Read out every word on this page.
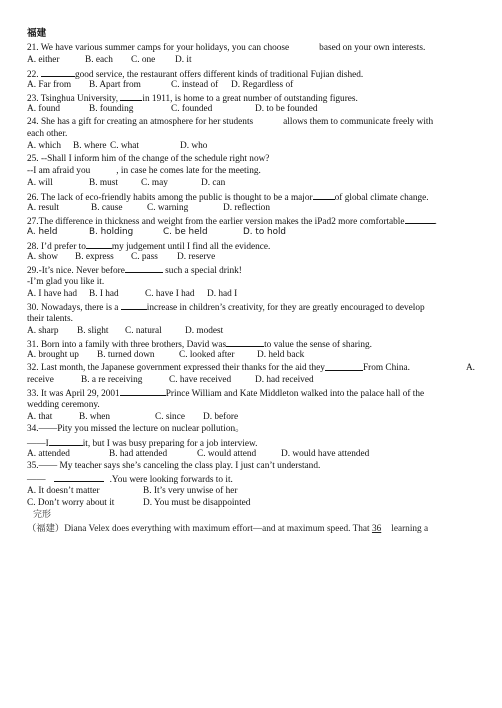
福建
21. We have various summer camps for your holidays, you can choose	based on your own interests.
A. either	B. each	C. one	D. it
22.	good service, the restaurant offers different kinds of traditional Fujian dished.
A. Far from	B. Apart from	C. instead of	D. Regardless of
23. Tsinghua University,	in 1911, is home to a great number of outstanding figures.
A. found	B. founding	C. founded	D. to be founded
24. She has a gift for creating an atmosphere for her students	allows them to communicate freely with
each other.
A. which	B. where C. what	D. who
25. --Shall I inform him of the change of the schedule right now?
--I am afraid you	, in case he comes late for the meeting.
A. will	B. must	C. may	D. can
26. The lack of eco-friendly habits among the public is thought to be a major of global climate change.
A. result	B. cause	C. warning	D. reflection
27.The difference in thickness and weight from the earlier version makes the iPad2 more comfortable	.
A. held	B. holding	C. be held	D. to hold
28. I’d prefer to	my judgement until I find all the evidence.
A. show	B. express	C. pass	D. reserve
29.-It’s nice. Never before	such a special drink!
-I’m glad you like it.
A. I have had	B. I had	C. have I had	D. had I
30. Nowadays, there is a	increase in children’s creativity, for they are greatly encouraged to develop
their talents.
A. sharp	B. slight	C. natural	D. modest
31. Born into a family with three brothers, David was	to value the sense of sharing.
A. brought up	B. turned down	C. looked after	D. held back
32. Last month, the Japanese government expressed their thanks for the aid they	From China.	A.
receive	B. a re receiving	C. have received	D. had received
33. It was April 29, 2001	Prince William and Kate Middleton walked into the palace hall of the
wedding ceremony.
A. that	B. when	C. since	D. before
34.——Pity you missed the lecture on nuclear pollution。
——I	it, but I was busy preparing for a job interview.
A. attended	B. had attended	C. would attend	D. would have attended
35.—— My teacher says she’s canceling the class play. I just can’t understand.
——	.You were looking forwards to it.
A. It doesn’t matter	B. It’s very unwise of her
C. Don’t worry about it	D. You must be disappointed
完形
（福建）Diana Velex does everything with maximum effort—and at maximum speed. That 36 learning a
